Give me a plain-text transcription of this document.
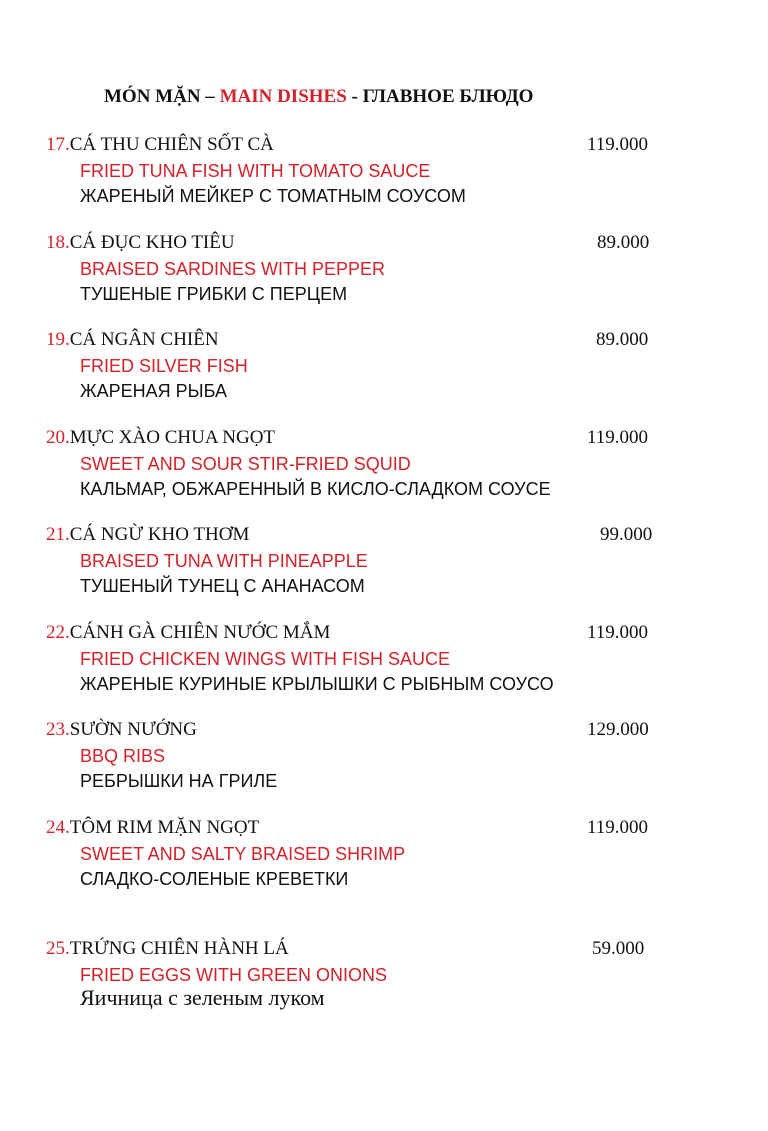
MÓN MẶN – MAIN DISHES - ГЛАВНОЕ БЛЮДО
17.CÁ THU CHIÊN SỐT CÀ	119.000
FRIED TUNA FISH WITH TOMATO SAUCE
ЖАРЕНЫЙ МЕЙКЕР С ТОМАТНЫМ СОУСОМ
18.CÁ ĐỤC KHO TIÊU	89.000
BRAISED SARDINES WITH PEPPER
ТУШЕНЫЕ ГРИБКИ С ПЕРЦЕМ
19.CÁ NGÂN CHIÊN	89.000
FRIED SILVER FISH
ЖАРЕНАЯ РЫБА
20.MỰC XÀO CHUA NGỌT	119.000
SWEET AND SOUR STIR-FRIED SQUID
КАЛЬМАР, ОБЖАРЕННЫЙ В КИСЛО-СЛАДКОМ СОУСЕ
21.CÁ NGỪ KHO THƠM	99.000
BRAISED TUNA WITH PINEAPPLE
ТУШЕНЫЙ ТУНЕЦ С АНАНАСОМ
22.CÁNH GÀ CHIÊN NƯỚC MẮM	119.000
FRIED CHICKEN WINGS WITH FISH SAUCE
ЖАРЕНЫЕ КУРИНЫЕ КРЫЛЫШКИ С РЫБНЫМ СОУСО
23.SƯỜN NƯỚNG	129.000
BBQ RIBS
РЕБРЫШКИ НА ГРИЛЕ
24.TÔM RIM MẶN NGỌT	119.000
SWEET AND SALTY BRAISED SHRIMP
СЛАДКО-СОЛЕНЫЕ КРЕВЕТКИ
25.TRỨNG CHIÊN HÀNH LÁ	59.000
FRIED EGGS WITH GREEN ONIONS
Яичница с зеленым луком
